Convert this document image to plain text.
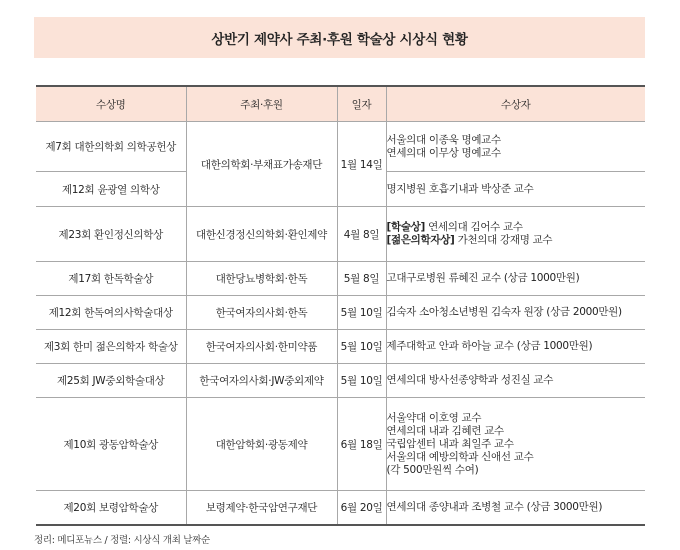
상반기 제약사 주최·후원 학술상 시상식 현황
수상명	주최·후원	일자	수상자
제7회 대한의학회 의학공헌상	대한의학회·부채표가송재단	1월 14일	서울의대 이종욱 명예교수
연세의대 이무상 명예교수

제12회 윤광열 의학상			명지병원 호흡기내과 박상준 교수

제23회 환인정신의학상	대한신경정신의학회·환인제약	4월 8일	[학술상] 연세의대 김어수 교수
[젊은의학자상] 가천의대 강재명 교수

제17회 한독학술상	대한당뇨병학회·한독	5월 8일	고대구로병원 류혜진 교수 (상금 1000만원)

제12회 한독여의사학술대상	한국여자의사회·한독	5월 10일	김숙자 소아청소년병원 김숙자 원장 (상금 2000만원)

제3회 한미 젊은의학자 학술상	한국여자의사회·한미약품	5월 10일	제주대학교 안과 하아늘 교수 (상금 1000만원)

제25회 JW중외학술대상	한국여자의사회·JW중외제약	5월 10일	연세의대 방사선종양학과 성진실 교수

제10회 광동암학술상	대한암학회·광동제약	6월 18일	서울약대 이호영 교수
연세의대 내과 김혜련 교수
국립암센터 내과 최일주 교수
서울의대 예방의학과 신애선 교수
(각 500만원씩 수여)

제20회 보령암학술상	보령제약·한국암연구재단	6월 20일	연세의대 종양내과 조병철 교수 (상금 3000만원)
정리: 메디포뉴스 / 정렬: 시상식 개최 날짜순
